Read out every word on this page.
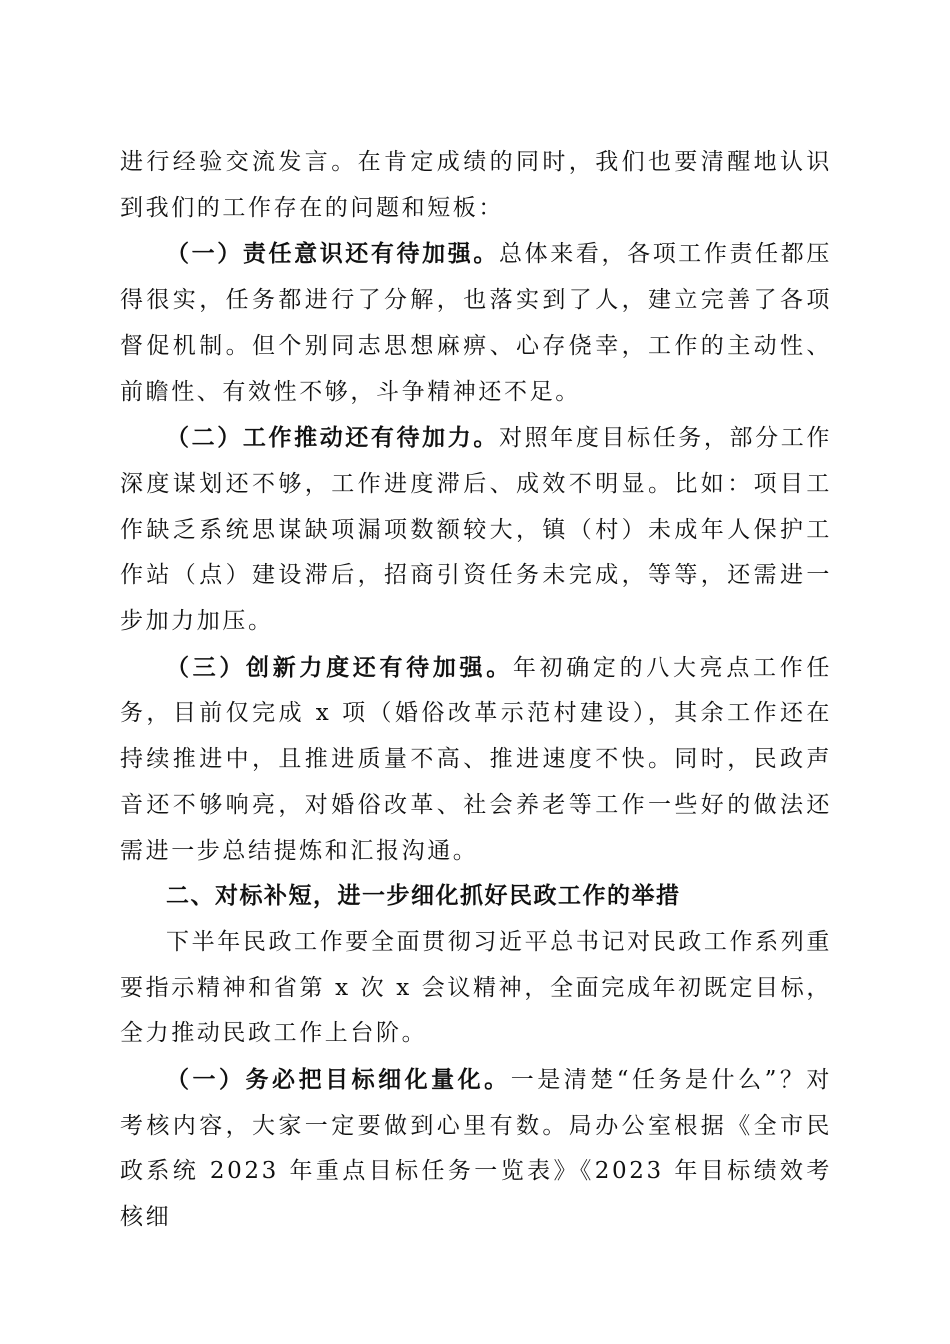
进行经验交流发言。在肯定成绩的同时，我们也要清醒地认识到我们的工作存在的问题和短板：

（一）责任意识还有待加强。总体来看，各项工作责任都压得很实，任务都进行了分解，也落实到了人，建立完善了各项督促机制。但个别同志思想麻痹、心存侥幸，工作的主动性、前瞻性、有效性不够，斗争精神还不足。

（二）工作推动还有待加力。对照年度目标任务，部分工作深度谋划还不够，工作进度滞后、成效不明显。比如：项目工作缺乏系统思谋缺项漏项数额较大，镇（村）未成年人保护工作站（点）建设滞后，招商引资任务未完成，等等，还需进一步加力加压。

（三）创新力度还有待加强。年初确定的八大亮点工作任务，目前仅完成 x 项（婚俗改革示范村建设），其余工作还在持续推进中，且推进质量不高、推进速度不快。同时，民政声音还不够响亮，对婚俗改革、社会养老等工作一些好的做法还需进一步总结提炼和汇报沟通。

二、对标补短，进一步细化抓好民政工作的举措

下半年民政工作要全面贯彻习近平总书记对民政工作系列重要指示精神和省第 x 次 x 会议精神，全面完成年初既定目标，全力推动民政工作上台阶。

（一）务必把目标细化量化。一是清楚“任务是什么”？对考核内容，大家一定要做到心里有数。局办公室根据《全市民政系统 2023 年重点目标任务一览表》《2023 年目标绩效考核细
